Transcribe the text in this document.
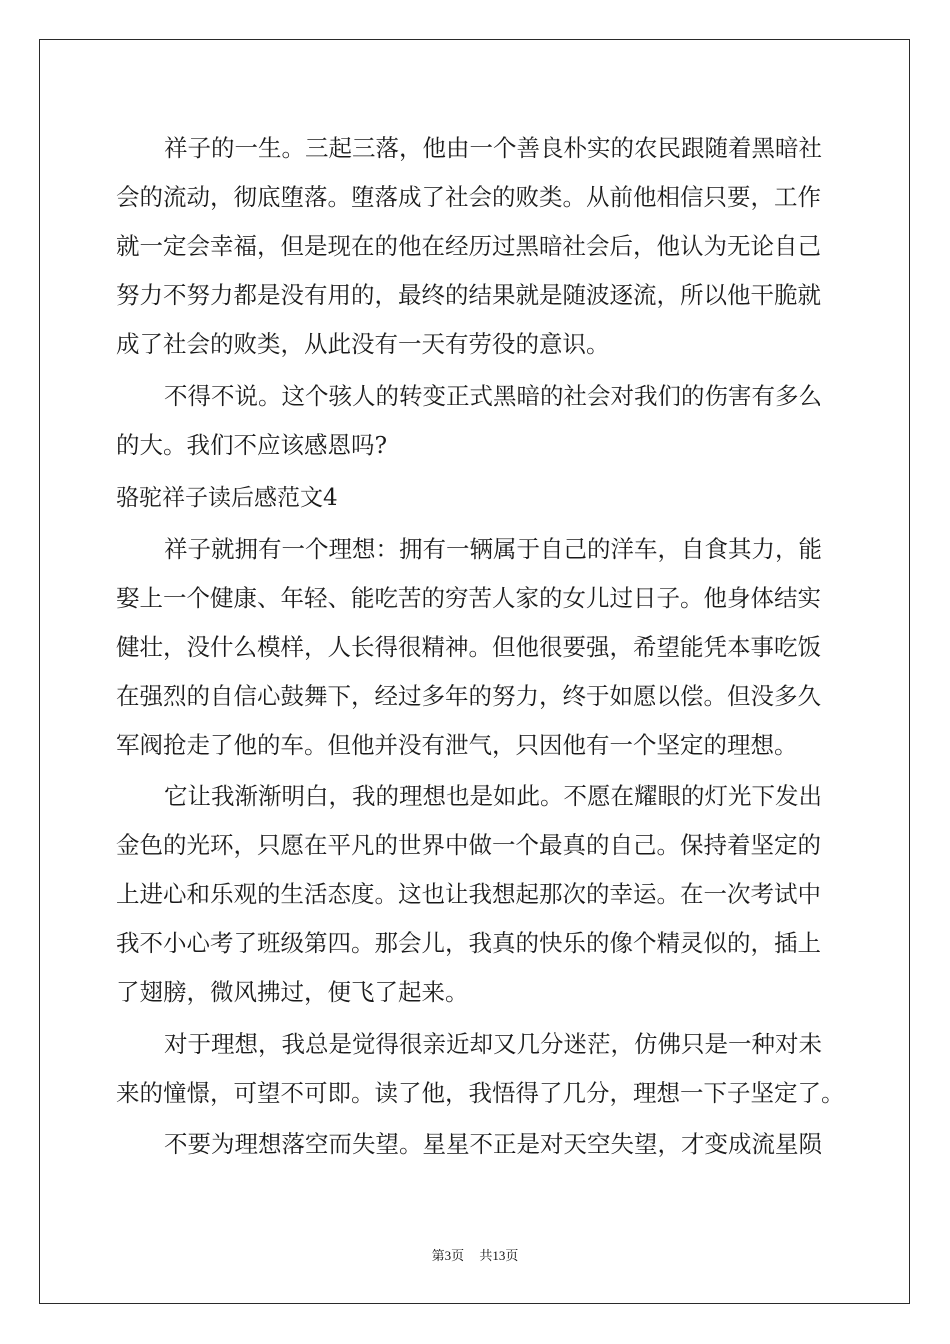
祥子的一生。三起三落，他由一个善良朴实的农民跟随着黑暗社
会的流动，彻底堕落。堕落成了社会的败类。从前他相信只要，工作
就一定会幸福，但是现在的他在经历过黑暗社会后，他认为无论自己
努力不努力都是没有用的，最终的结果就是随波逐流，所以他干脆就
成了社会的败类，从此没有一天有劳役的意识。
不得不说。这个骇人的转变正式黑暗的社会对我们的伤害有多么
的大。我们不应该感恩吗?
骆驼祥子读后感范文4
祥子就拥有一个理想：拥有一辆属于自己的洋车，自食其力，能
娶上一个健康、年轻、能吃苦的穷苦人家的女儿过日子。他身体结实
健壮，没什么模样，人长得很精神。但他很要强，希望能凭本事吃饭
在强烈的自信心鼓舞下，经过多年的努力，终于如愿以偿。但没多久
军阀抢走了他的车。但他并没有泄气，只因他有一个坚定的理想。
它让我渐渐明白，我的理想也是如此。不愿在耀眼的灯光下发出
金色的光环，只愿在平凡的世界中做一个最真的自己。保持着坚定的
上进心和乐观的生活态度。这也让我想起那次的幸运。在一次考试中
我不小心考了班级第四。那会儿，我真的快乐的像个精灵似的，插上
了翅膀，微风拂过，便飞了起来。
对于理想，我总是觉得很亲近却又几分迷茫，仿佛只是一种对未
来的憧憬，可望不可即。读了他，我悟得了几分，理想一下子坚定了。
不要为理想落空而失望。星星不正是对天空失望，才变成流星陨
第3页 共13页
